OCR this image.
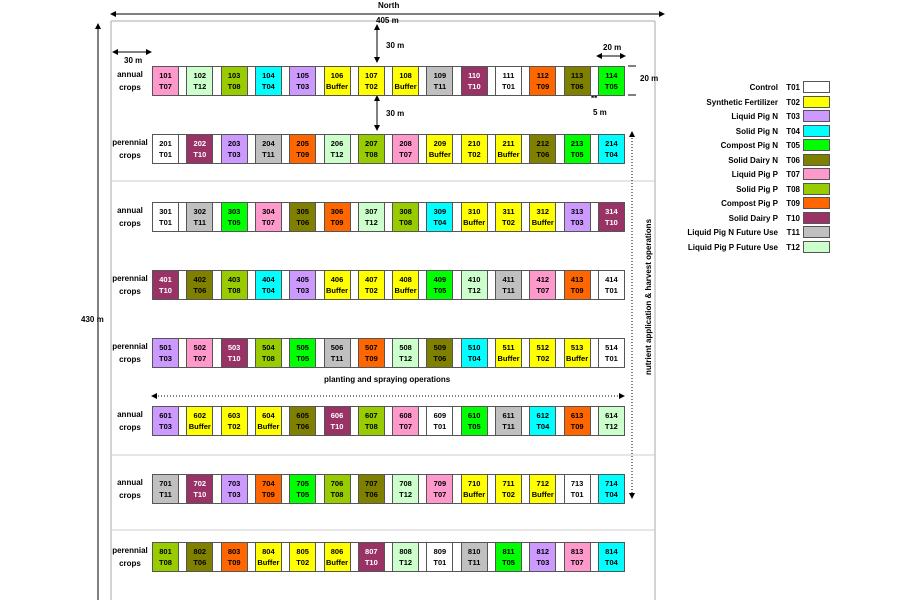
North
405 m
30 m
30 m
30 m
20 m
20 m
**
5 m
430 m
planting and spraying operations
nutrient application & harvest operations
annual
crops
101
T07
102
T12
103
T08
104
T04
105
T03
106
Buffer
107
T02
108
Buffer
109
T11
110
T10
111
T01
112
T09
113
T06
114
T05
perennial
crops
201
T01
202
T10
203
T03
204
T11
205
T09
206
T12
207
T08
208
T07
209
Buffer
210
T02
211
Buffer
212
T06
213
T05
214
T04
annual
crops
301
T01
302
T11
303
T05
304
T07
305
T06
306
T09
307
T12
308
T08
309
T04
310
Buffer
311
T02
312
Buffer
313
T03
314
T10
perennial
crops
401
T10
402
T06
403
T08
404
T04
405
T03
406
Buffer
407
T02
408
Buffer
409
T05
410
T12
411
T11
412
T07
413
T09
414
T01
perennial
crops
501
T03
502
T07
503
T10
504
T08
505
T05
506
T11
507
T09
508
T12
509
T06
510
T04
511
Buffer
512
T02
513
Buffer
514
T01
annual
crops
601
T03
602
Buffer
603
T02
604
Buffer
605
T06
606
T10
607
T08
608
T07
609
T01
610
T05
611
T11
612
T04
613
T09
614
T12
annual
crops
701
T11
702
T10
703
T03
704
T09
705
T05
706
T08
707
T06
708
T12
709
T07
710
Buffer
711
T02
712
Buffer
713
T01
714
T04
perennial
crops
801
T08
802
T06
803
T09
804
Buffer
805
T02
806
Buffer
807
T10
808
T12
809
T01
810
T11
811
T05
812
T03
813
T07
814
T04
Control T01
Synthetic Fertilizer T02
Liquid Pig N T03
Solid Pig N T04
Compost Pig N T05
Solid Dairy N T06
Liquid Pig P T07
Solid Pig P T08
Compost Pig P T09
Solid Dairy P T10
Liquid Pig N Future Use T11
Liquid Pig P Future Use T12
